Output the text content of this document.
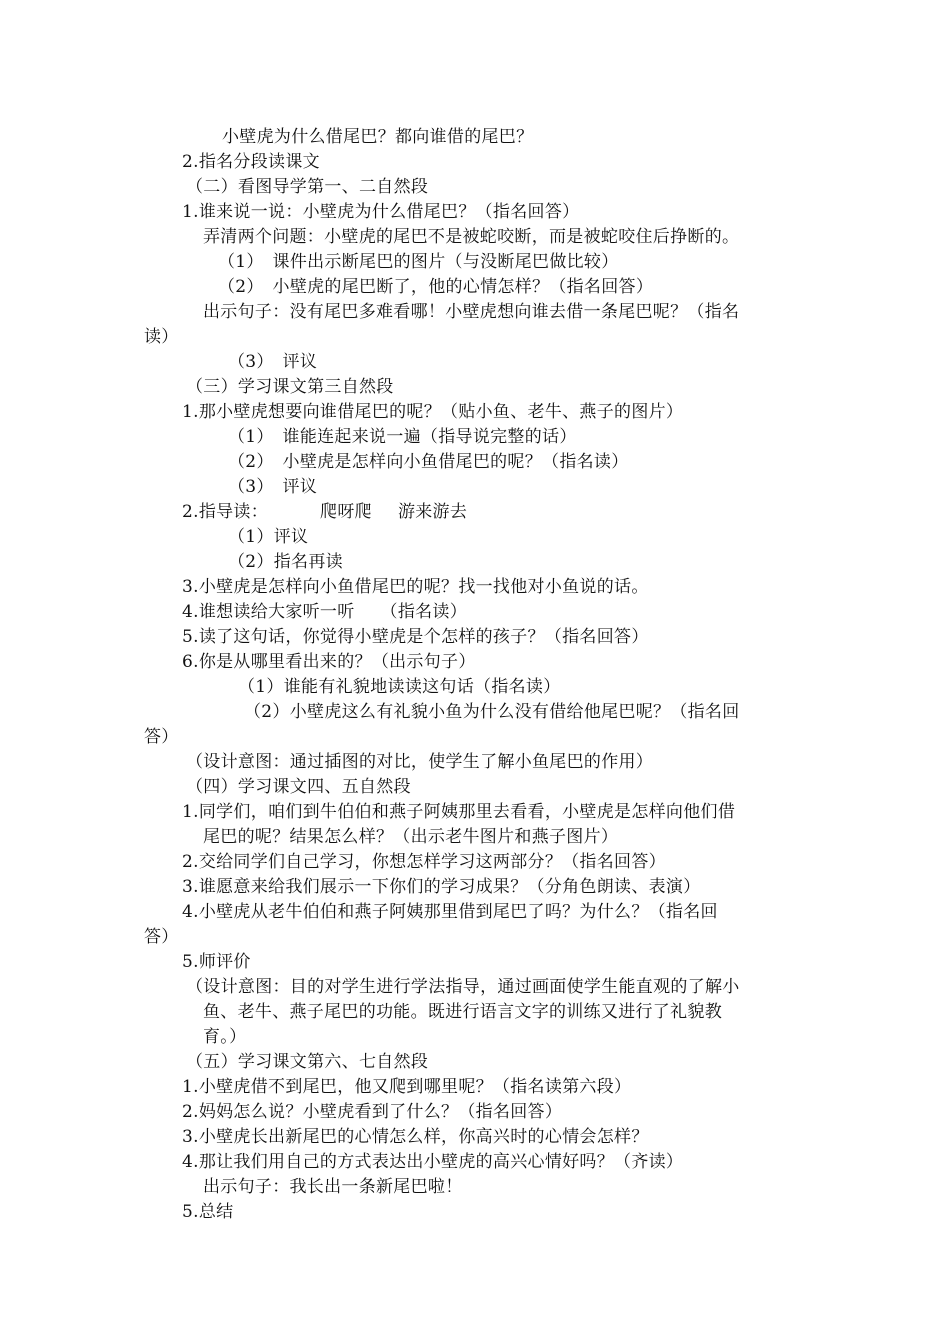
小壁虎为什么借尾巴？都向谁借的尾巴？

2.指名分段读课文

（二）看图导学第一、二自然段

1.谁来说一说：小壁虎为什么借尾巴？（指名回答）

弄清两个问题：小壁虎的尾巴不是被蛇咬断，而是被蛇咬住后挣断的。

（1）　课件出示断尾巴的图片（与没断尾巴做比较）

（2）　小壁虎的尾巴断了，他的心情怎样？（指名回答）

出示句子：没有尾巴多难看哪！小壁虎想向谁去借一条尾巴呢？（指名

读）

（3）　评议

（三）学习课文第三自然段

1.那小壁虎想要向谁借尾巴的呢？（贴小鱼、老牛、燕子的图片）

（1）　谁能连起来说一遍（指导说完整的话）

（2）　小壁虎是怎样向小鱼借尾巴的呢？（指名读）

（3）　评议

2.指导读：	爬呀爬 游来游去

（1）评议

（2）指名再读

3.小壁虎是怎样向小鱼借尾巴的呢？找一找他对小鱼说的话。

4.谁想读给大家听一听 （指名读）

5.读了这句话，你觉得小壁虎是个怎样的孩子？（指名回答）

6.你是从哪里看出来的？（出示句子）

（1）谁能有礼貌地读读这句话（指名读）

（2）小壁虎这么有礼貌小鱼为什么没有借给他尾巴呢？（指名回

答）

（设计意图：通过插图的对比，使学生了解小鱼尾巴的作用）

（四）学习课文四、五自然段

1.同学们，咱们到牛伯伯和燕子阿姨那里去看看，小壁虎是怎样向他们借

尾巴的呢？结果怎么样？（出示老牛图片和燕子图片）

2.交给同学们自己学习，你想怎样学习这两部分？（指名回答）

3.谁愿意来给我们展示一下你们的学习成果？（分角色朗读、表演）

4.小壁虎从老牛伯伯和燕子阿姨那里借到尾巴了吗？为什么？（指名回

答）

5.师评价

（设计意图：目的对学生进行学法指导，通过画面使学生能直观的了解小

鱼、老牛、燕子尾巴的功能。既进行语言文字的训练又进行了礼貌教

育。）

（五）学习课文第六、七自然段

1.小壁虎借不到尾巴，他又爬到哪里呢？（指名读第六段）

2.妈妈怎么说？小壁虎看到了什么？（指名回答）

3.小壁虎长出新尾巴的心情怎么样，你高兴时的心情会怎样？

4.那让我们用自己的方式表达出小壁虎的高兴心情好吗？（齐读）

出示句子：我长出一条新尾巴啦！

5.总结
